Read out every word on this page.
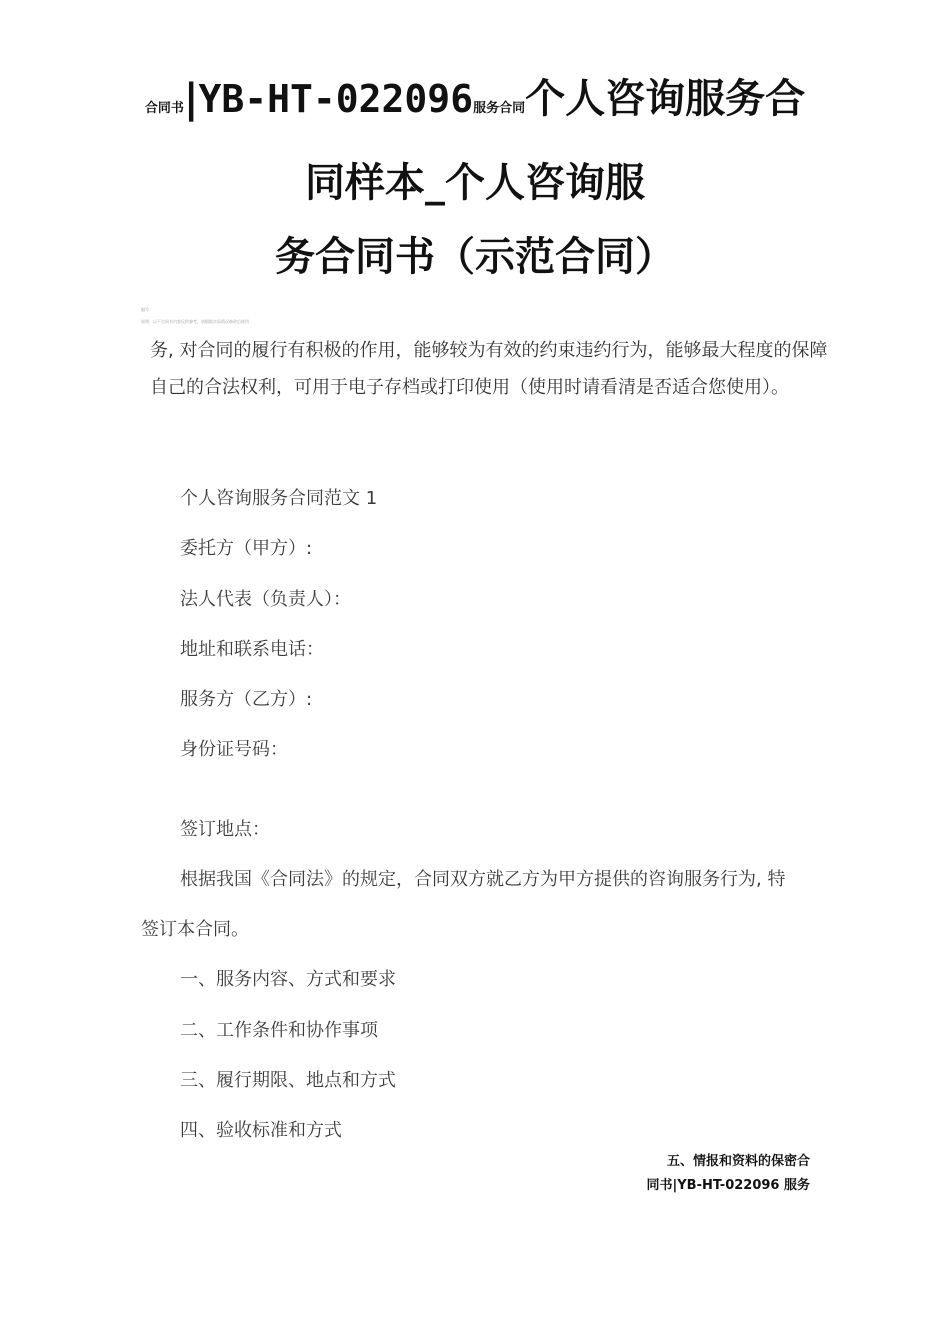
合同书|YB-HT-022096服务合同个人咨询服务合
同样本_个人咨询服
务合同书（示范合同）
编号：
说明：以下合同书内容仅供参考，请根据实际情况修改后使用
务, 对合同的履行有积极的作用，能够较为有效的约束违约行为，能够最大程度的保障自己的合法权利，可用于电子存档或打印使用（使用时请看清是否适合您使用）。
个人咨询服务合同范文 1
委托方（甲方）:
法人代表（负责人）：
地址和联系电话：
服务方（乙方）:
身份证号码：
签订地点：
根据我国《合同法》的规定，合同双方就乙方为甲方提供的咨询服务行为, 特
签订本合同。
一、服务内容、方式和要求
二、工作条件和协作事项
三、履行期限、地点和方式
四、验收标准和方式
五、情报和资料的保密合
同书|YB-HT-022096 服务
